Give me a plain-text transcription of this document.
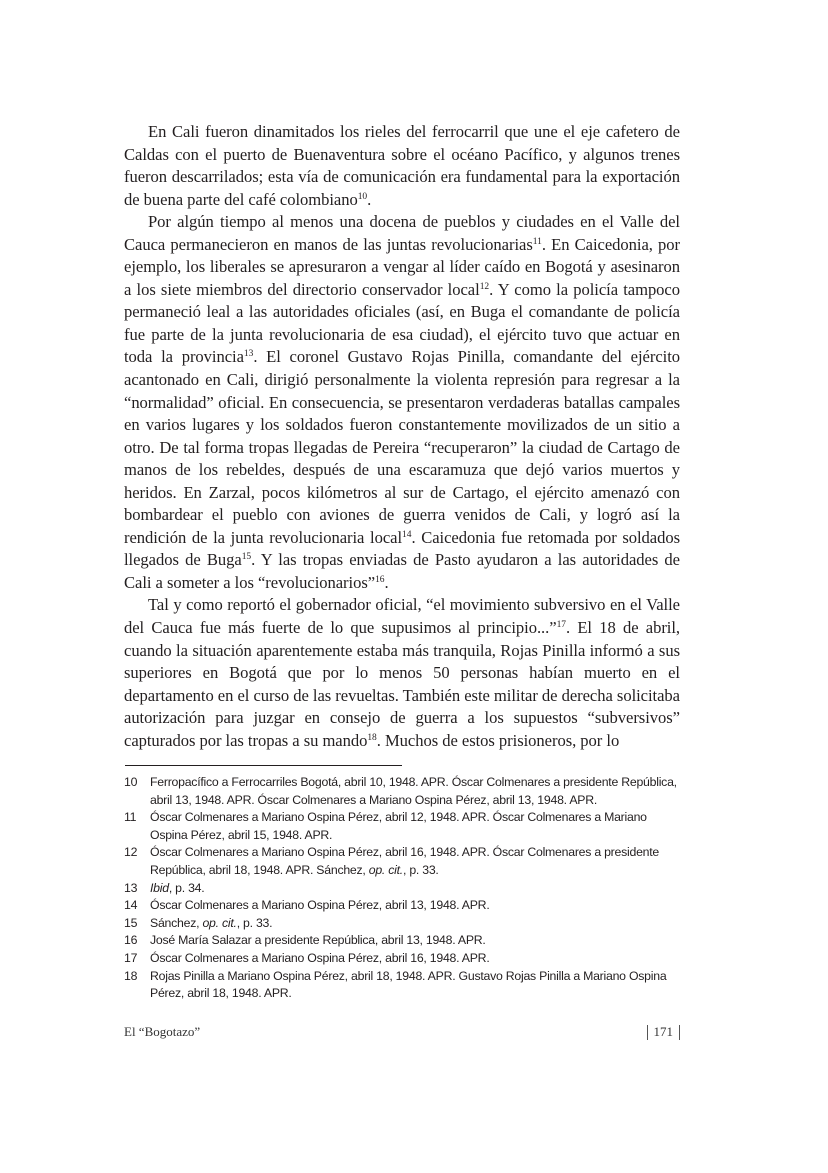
En Cali fueron dinamitados los rieles del ferrocarril que une el eje cafetero de Caldas con el puerto de Buenaventura sobre el océano Pacífico, y algunos trenes fueron descarrilados; esta vía de comunicación era fundamental para la exportación de buena parte del café colombiano$^{10}$.

Por algún tiempo al menos una docena de pueblos y ciudades en el Valle del Cauca permanecieron en manos de las juntas revolucionarias$^{11}$. En Caicedonia, por ejemplo, los liberales se apresuraron a vengar al líder caído en Bogotá y asesinaron a los siete miembros del directorio conservador local$^{12}$. Y como la policía tampoco permaneció leal a las autoridades oficiales (así, en Buga el comandante de policía fue parte de la junta revolucionaria de esa ciudad), el ejército tuvo que actuar en toda la provincia$^{13}$. El coronel Gustavo Rojas Pinilla, comandante del ejército acantonado en Cali, dirigió personalmente la violenta represión para regresar a la “normalidad” oficial. En consecuencia, se presentaron verdaderas batallas campales en varios lugares y los soldados fueron constantemente movilizados de un sitio a otro. De tal forma tropas llegadas de Pereira “recuperaron” la ciudad de Cartago de manos de los rebeldes, después de una escaramuza que dejó varios muertos y heridos. En Zarzal, pocos kilómetros al sur de Cartago, el ejército amenazó con bombardear el pueblo con aviones de guerra venidos de Cali, y logró así la rendición de la junta revolucionaria local$^{14}$. Caicedonia fue retomada por soldados llegados de Buga$^{15}$. Y las tropas enviadas de Pasto ayudaron a las autoridades de Cali a someter a los “revolucionarios”$^{16}$.

Tal y como reportó el gobernador oficial, “el movimiento subversivo en el Valle del Cauca fue más fuerte de lo que supusimos al principio...”$^{17}$. El 18 de abril, cuando la situación aparentemente estaba más tranquila, Rojas Pinilla informó a sus superiores en Bogotá que por lo menos 50 personas habían muerto en el departamento en el curso de las revueltas. También este militar de derecha solicitaba autorización para juzgar en consejo de guerra a los supuestos “subversivos” capturados por las tropas a su mando$^{18}$. Muchos de estos prisioneros, por lo

10	Ferropacífico a Ferrocarriles Bogotá, abril 10, 1948. APR. Óscar Colmenares a presidente República, abril 13, 1948. APR. Óscar Colmenares a Mariano Ospina Pérez, abril 13, 1948. APR.
11	Óscar Colmenares a Mariano Ospina Pérez, abril 12, 1948. APR. Óscar Colmenares a Mariano Ospina Pérez, abril 15, 1948. APR.
12	Óscar Colmenares a Mariano Ospina Pérez, abril 16, 1948. APR. Óscar Colmenares a presidente República, abril 18, 1948. APR. Sánchez, op. cit., p. 33.
13	Ibid, p. 34.
14	Óscar Colmenares a Mariano Ospina Pérez, abril 13, 1948. APR.
15	Sánchez, op. cit., p. 33.
16	José María Salazar a presidente República, abril 13, 1948. APR.
17	Óscar Colmenares a Mariano Ospina Pérez, abril 16, 1948. APR.
18	Rojas Pinilla a Mariano Ospina Pérez, abril 18, 1948. APR. Gustavo Rojas Pinilla a Mariano Ospina Pérez, abril 18, 1948. APR.
El “Bogotazo”	171
